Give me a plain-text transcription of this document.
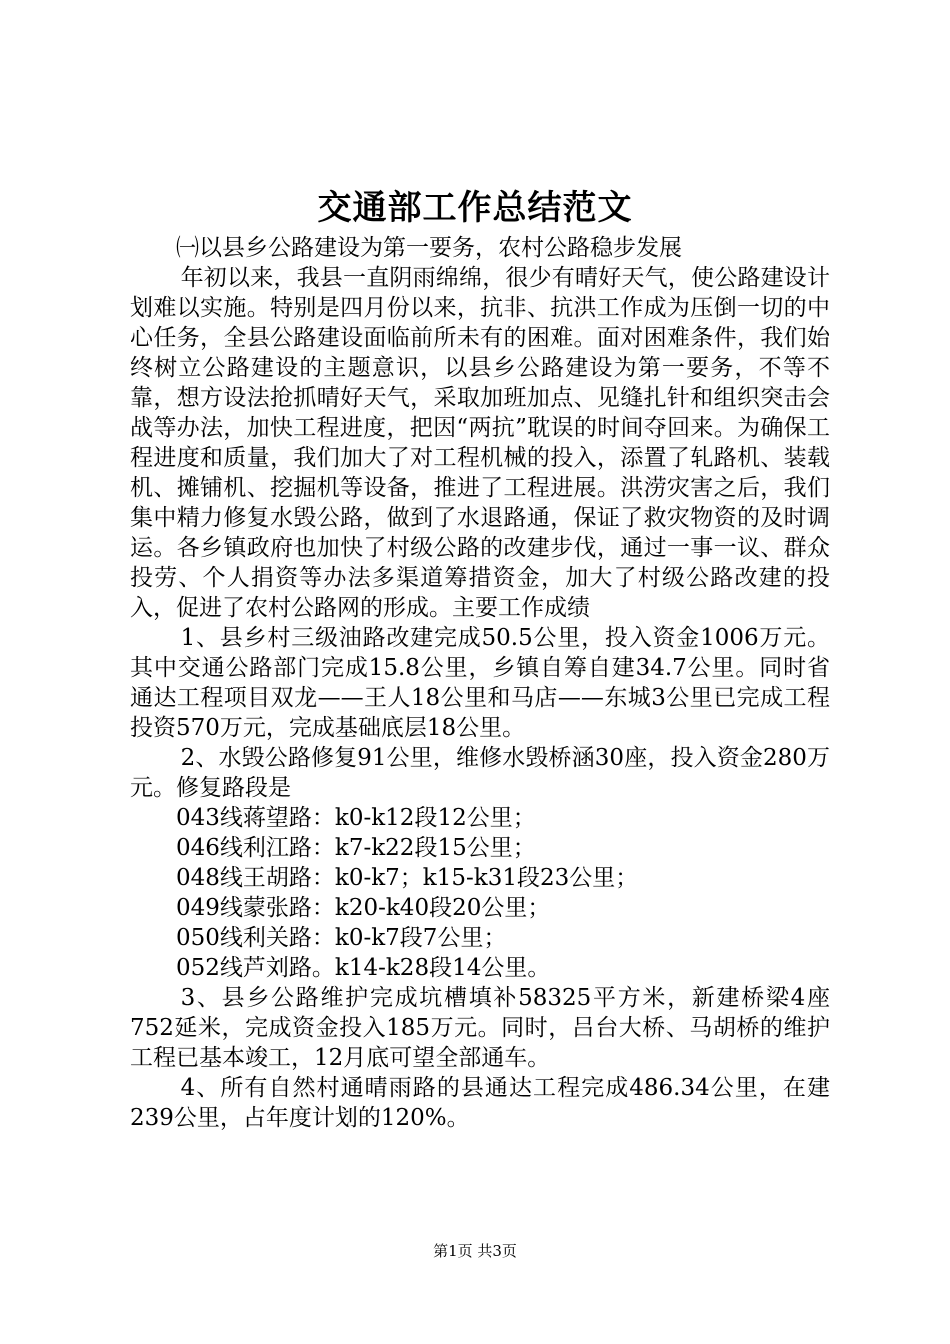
交通部工作总结范文

㈠以县乡公路建设为第一要务，农村公路稳步发展

年初以来，我县一直阴雨绵绵，很少有晴好天气，使公路建设计划难以实施。特别是四月份以来，抗非、抗洪工作成为压倒一切的中心任务，全县公路建设面临前所未有的困难。面对困难条件，我们始终树立公路建设的主题意识，以县乡公路建设为第一要务，不等不靠，想方设法抢抓晴好天气，采取加班加点、见缝扎针和组织突击会战等办法，加快工程进度，把因“两抗”耽误的时间夺回来。为确保工程进度和质量，我们加大了对工程机械的投入，添置了轧路机、装载机、摊铺机、挖掘机等设备，推进了工程进展。洪涝灾害之后，我们集中精力修复水毁公路，做到了水退路通，保证了救灾物资的及时调运。各乡镇政府也加快了村级公路的改建步伐，通过一事一议、群众投劳、个人捐资等办法多渠道筹措资金，加大了村级公路改建的投入，促进了农村公路网的形成。主要工作成绩

1、县乡村三级油路改建完成50.5公里，投入资金1006万元。其中交通公路部门完成15.8公里，乡镇自筹自建34.7公里。同时省通达工程项目双龙——王人18公里和马店——东城3公里已完成工程投资570万元，完成基础底层18公里。

2、水毁公路修复91公里，维修水毁桥涵30座，投入资金280万元。修复路段是

043线蒋望路：k0-k12段12公里；

046线利江路：k7-k22段15公里；

048线王胡路：k0-k7；k15-k31段23公里；

049线蒙张路：k20-k40段20公里；

050线利关路：k0-k7段7公里；

052线芦刘路。k14-k28段14公里。

3、县乡公路维护完成坑槽填补58325平方米，新建桥梁4座752延米，完成资金投入185万元。同时，吕台大桥、马胡桥的维护工程已基本竣工，12月底可望全部通车。

4、所有自然村通晴雨路的县通达工程完成486.34公里，在建239公里，占年度计划的120%。

第1页 共3页
